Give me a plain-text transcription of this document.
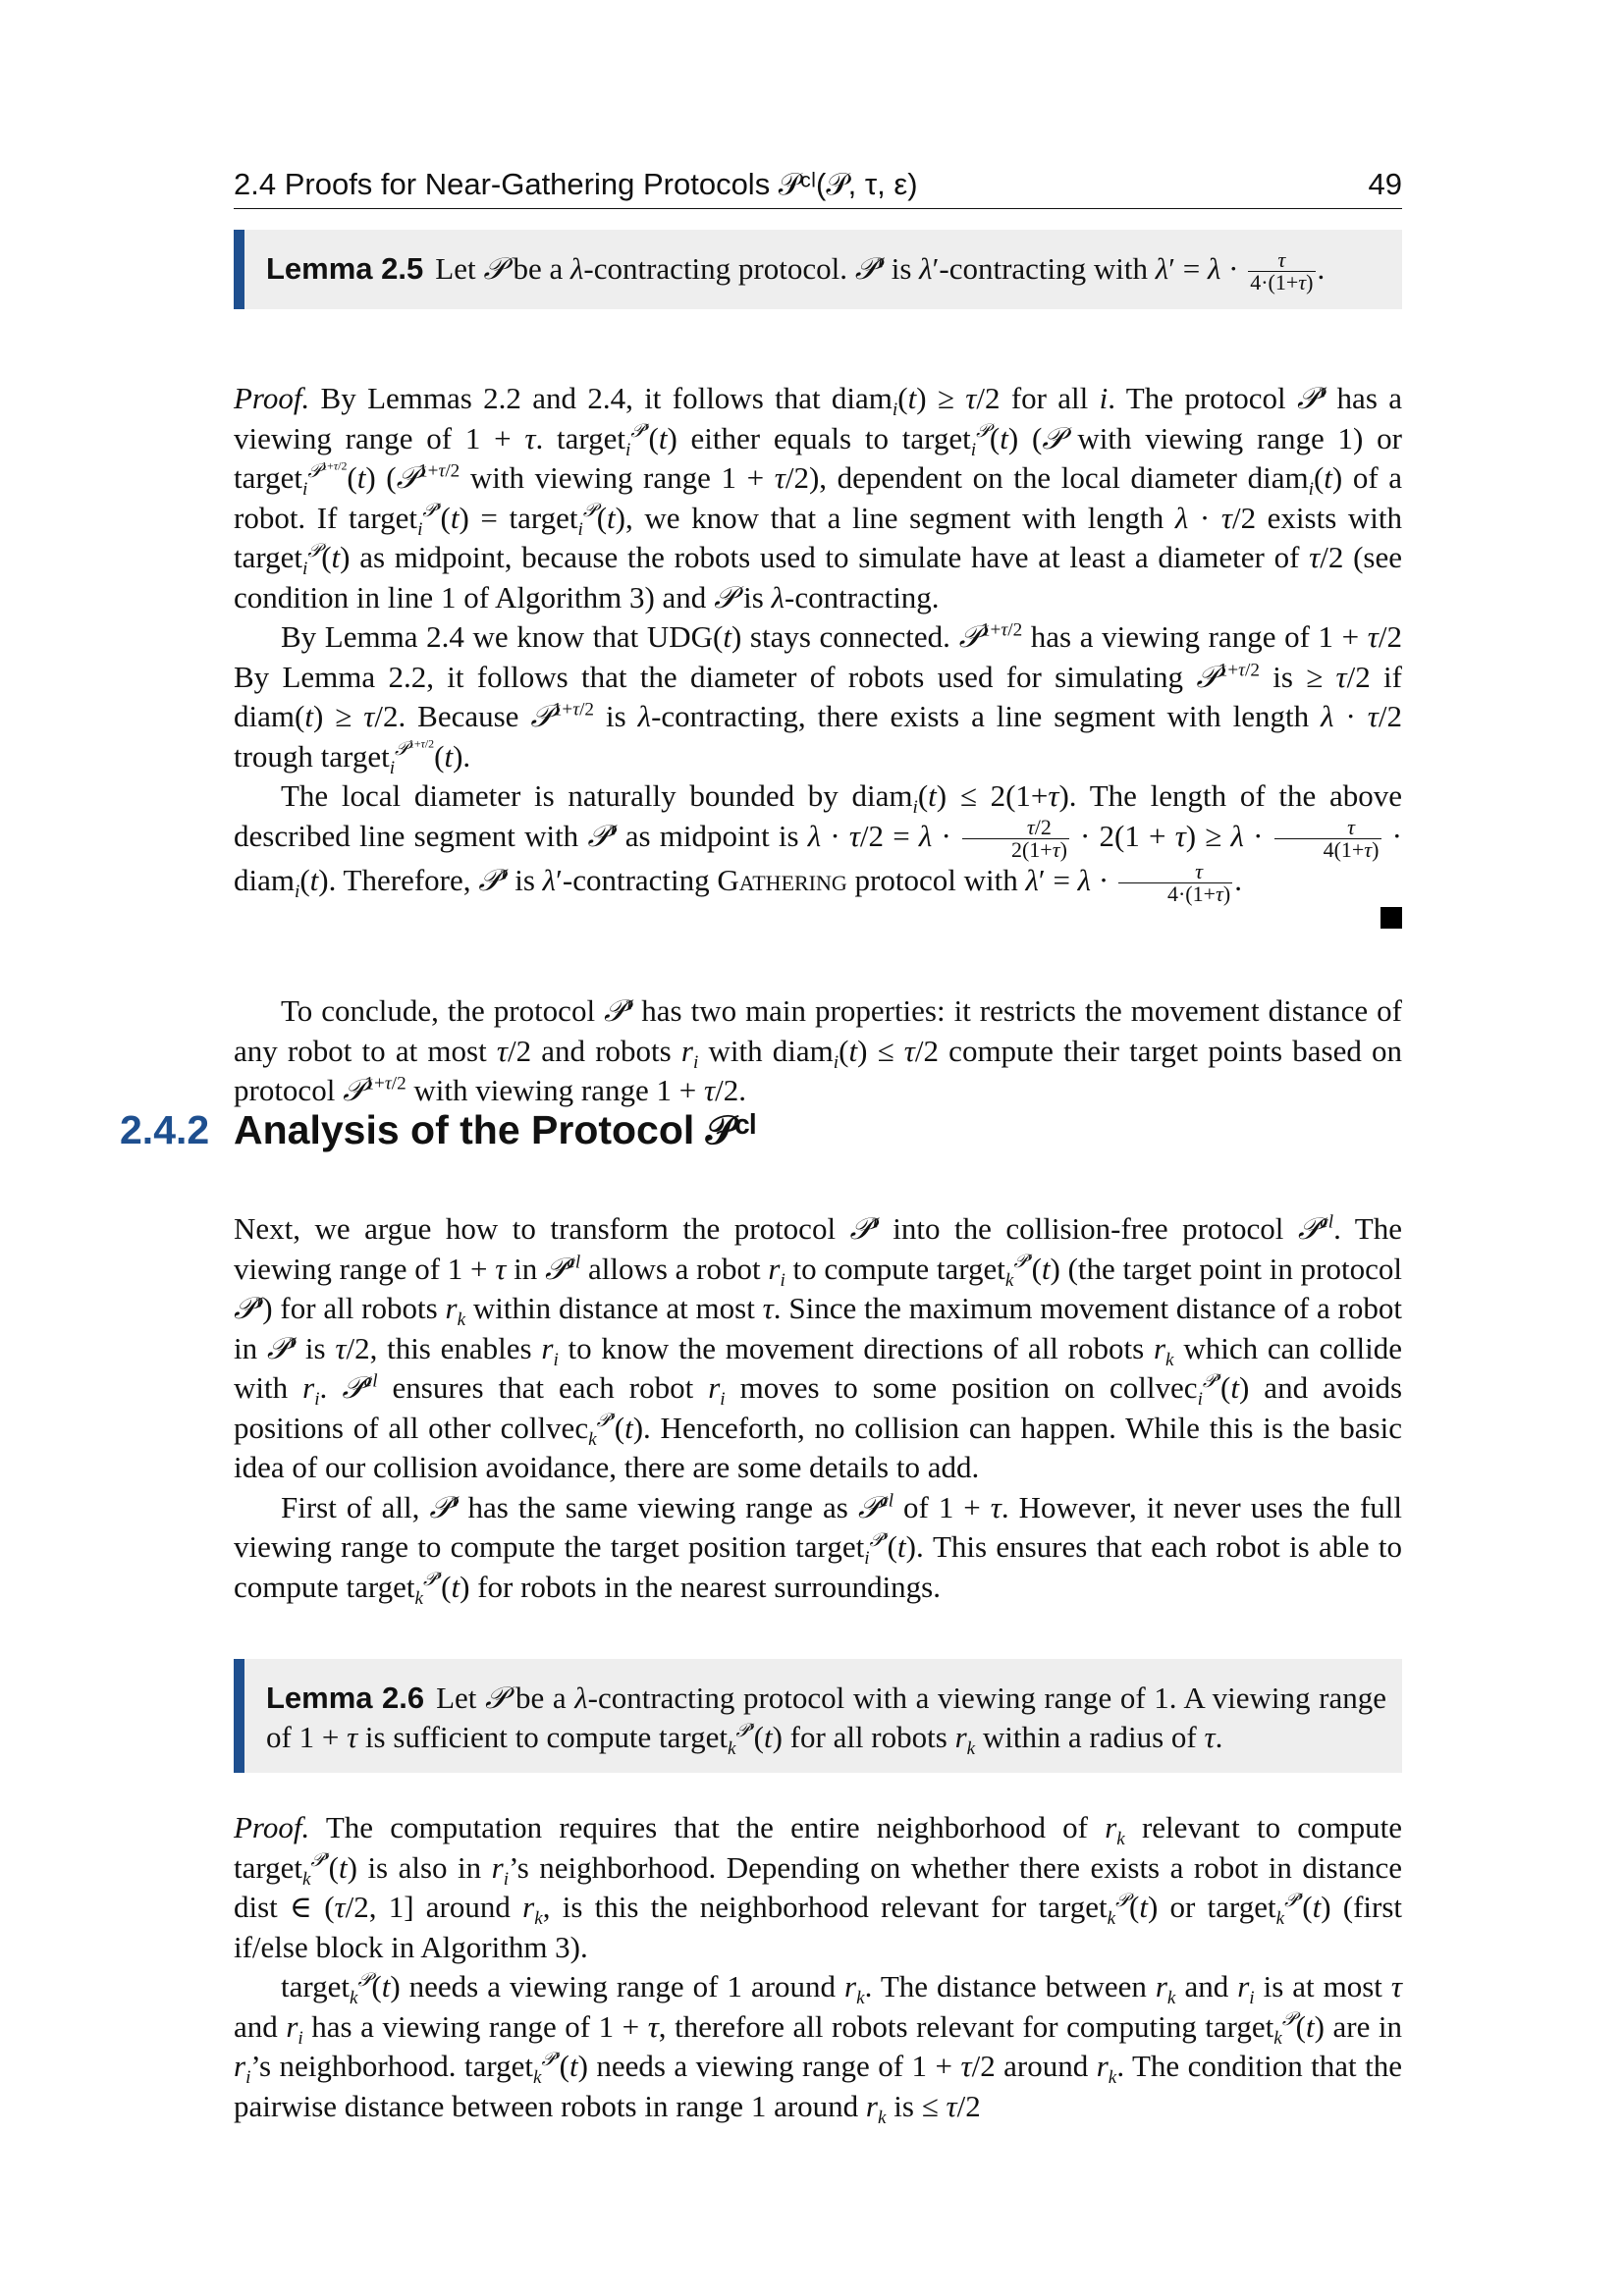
2.4 Proofs for Near-Gathering Protocols 𝒫ᶜˡ(𝒫, τ, ε)	49
Lemma 2.5 Let 𝒫 be a λ-contracting protocol. 𝒫$^\tau$ is λ′-contracting with $\lambda' = \lambda \cdot \frac{\tau}{4\cdot(1+\tau)}$ .

Proof. By Lemmas 2.2 and 2.4, it follows that diam$_i$(t) ≥ τ/2 for all i. The protocol 𝒫$^\tau$ has a viewing range of 1 + τ. target$_i^{𝒫^\tau}$(t) either equals to target$_i^𝒫$(t) (𝒫 with viewing range 1) or target$_i^{𝒫^{1+\tau/2}}$(t) (𝒫$^{1+\tau/2}$ with viewing range 1 + τ/2), dependent on the local diameter diam$_i$(t) of a robot. If target$_i^{𝒫^\tau}$(t) = target$_i^𝒫$(t), we know that a line segment with length λ · τ/2 exists with target$_i^𝒫$(t) as midpoint, because the robots used to simulate have at least a diameter of τ/2 (see condition in line 1 of Algorithm 3) and 𝒫 is λ-contracting.

By Lemma 2.4 we know that UDG(t) stays connected. 𝒫$^{1+\tau/2}$ has a viewing range of 1 + τ/2 By Lemma 2.2, it follows that the diameter of robots used for simulating 𝒫$^{1+\tau/2}$ is ≥ τ/2 if diam(t) ≥ τ/2. Because 𝒫$^{1+\tau/2}$ is λ-contracting, there exists a line segment with length λ · τ/2 trough target$_i^{𝒫^{1+\tau/2}}$(t).

The local diameter is naturally bounded by diam$_i$(t) ≤ 2(1+τ). The length of the above described line segment with 𝒫$^\tau$ as midpoint is $\lambda \cdot \tau/2 = \lambda \cdot \frac{\tau/2}{2(1+\tau)} \cdot 2(1 + \tau) \ge \lambda \cdot \frac{\tau}{4(1+\tau)}$ · diam$_i$(t). Therefore, 𝒫$^\tau$ is λ′-contracting Gathering protocol with $\lambda' = \lambda \cdot \frac{\tau}{4\cdot(1+\tau)}$ .

To conclude, the protocol 𝒫$^\tau$ has two main properties: it restricts the movement distance of any robot to at most τ/2 and robots $r_i$ with diam$_i$(t) ≤ τ/2 compute their target points based on protocol 𝒫$^{1+\tau/2}$ with viewing range 1 + τ/2.

2.4.2 Analysis of the Protocol 𝒫ᶜˡ

Next, we argue how to transform the protocol 𝒫$^\tau$ into the collision-free protocol 𝒫$^{cl}$. The viewing range of 1 + τ in 𝒫$^{cl}$ allows a robot $r_i$ to compute target$_k^{𝒫^\tau}$(t) (the target point in protocol 𝒫$^\tau$) for all robots $r_k$ within distance at most τ. Since the maximum movement distance of a robot in 𝒫$^\tau$ is τ/2, this enables $r_i$ to know the movement directions of all robots $r_k$ which can collide with $r_i$. 𝒫$^{cl}$ ensures that each robot $r_i$ moves to some position on collvec$_i^{𝒫^\tau}$(t) and avoids positions of all other collvec$_k^{𝒫^\tau}$(t). Henceforth, no collision can happen. While this is the basic idea of our collision avoidance, there are some details to add.

First of all, 𝒫$^\tau$ has the same viewing range as 𝒫$^{cl}$ of 1 + τ. However, it never uses the full viewing range to compute the target position target$_i^{𝒫^\tau}$(t). This ensures that each robot is able to compute target$_k^{𝒫^\tau}$(t) for robots in the nearest surroundings.

Lemma 2.6 Let 𝒫 be a λ-contracting protocol with a viewing range of 1. A viewing range of 1 + τ is sufficient to compute target$_k^{𝒫^\tau}$(t) for all robots $r_k$ within a radius of τ.

Proof. The computation requires that the entire neighborhood of $r_k$ relevant to compute target$_k^{𝒫^\tau}$(t) is also in $r_i’s$ neighborhood. Depending on whether there exists a robot in distance dist ∈ (τ/2, 1] around $r_k$, is this the neighborhood relevant for target$_k^𝒫$(t) or target$_k^{𝒫^\tau}$(t) (first if/else block in Algorithm 3).

target$_k^𝒫$(t) needs a viewing range of 1 around $r_k$. The distance between $r_k$ and $r_i$ is at most τ and $r_i$ has a viewing range of 1 + τ, therefore all robots relevant for computing target$_k^𝒫$(t) are in $r_i’s$ neighborhood. target$_k^{𝒫^\tau}$(t) needs a viewing range of 1 + τ/2 around $r_k$. The condition that the pairwise distance between robots in range 1 around $r_k$ is ≤ τ/2
